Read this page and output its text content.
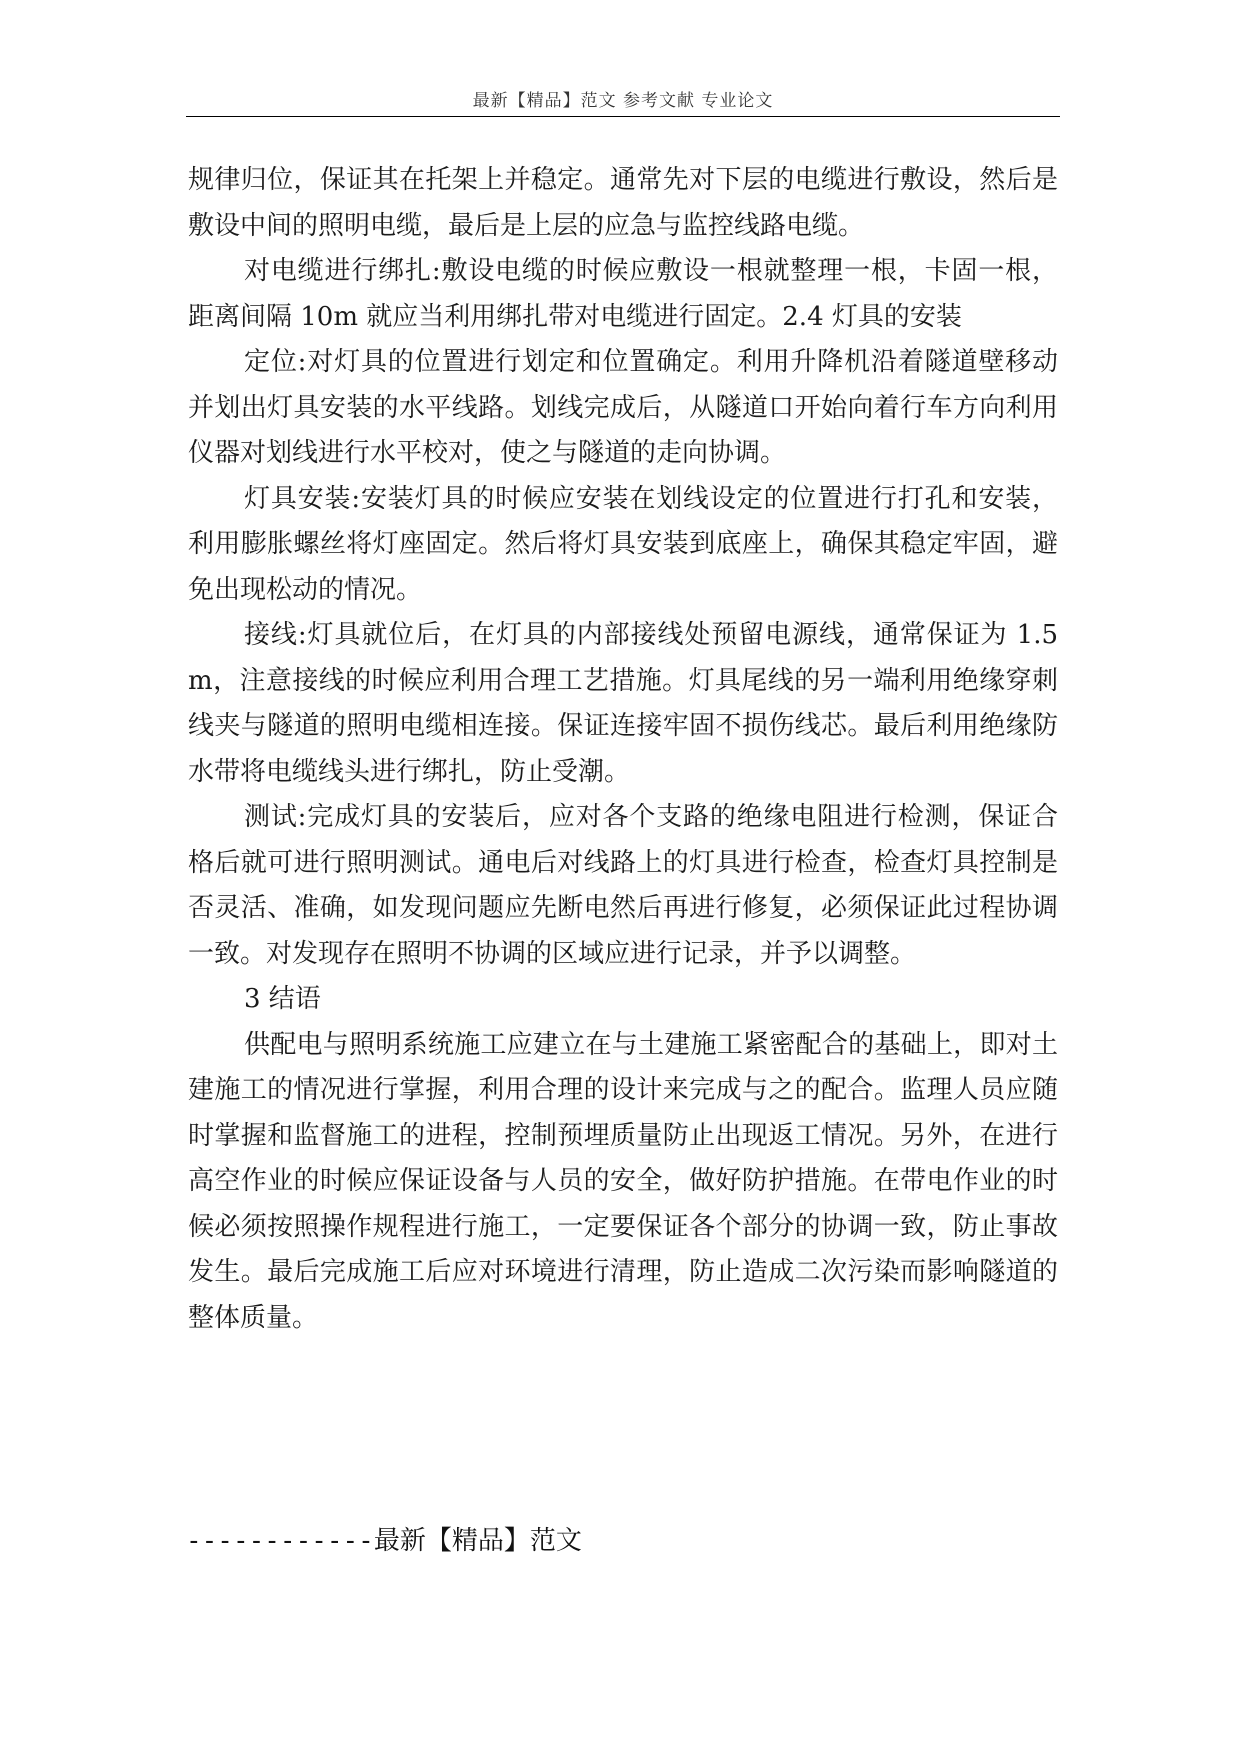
最新【精品】范文 参考文献 专业论文

规律归位，保证其在托架上并稳定。通常先对下层的电缆进行敷设，然后是敷设中间的照明电缆，最后是上层的应急与监控线路电缆。

对电缆进行绑扎:敷设电缆的时候应敷设一根就整理一根，卡固一根，距离间隔 10m 就应当利用绑扎带对电缆进行固定。2.4 灯具的安装

定位:对灯具的位置进行划定和位置确定。利用升降机沿着隧道壁移动并划出灯具安装的水平线路。划线完成后，从隧道口开始向着行车方向利用仪器对划线进行水平校对，使之与隧道的走向协调。

灯具安装:安装灯具的时候应安装在划线设定的位置进行打孔和安装，利用膨胀螺丝将灯座固定。然后将灯具安装到底座上，确保其稳定牢固，避免出现松动的情况。

接线:灯具就位后，在灯具的内部接线处预留电源线，通常保证为 1.5 m，注意接线的时候应利用合理工艺措施。灯具尾线的另一端利用绝缘穿刺线夹与隧道的照明电缆相连接。保证连接牢固不损伤线芯。最后利用绝缘防水带将电缆线头进行绑扎，防止受潮。

测试:完成灯具的安装后，应对各个支路的绝缘电阻进行检测，保证合格后就可进行照明测试。通电后对线路上的灯具进行检查，检查灯具控制是否灵活、准确，如发现问题应先断电然后再进行修复，必须保证此过程协调一致。对发现存在照明不协调的区域应进行记录，并予以调整。

3 结语

供配电与照明系统施工应建立在与土建施工紧密配合的基础上，即对土建施工的情况进行掌握，利用合理的设计来完成与之的配合。监理人员应随时掌握和监督施工的进程，控制预埋质量防止出现返工情况。另外，在进行高空作业的时候应保证设备与人员的安全，做好防护措施。在带电作业的时候必须按照操作规程进行施工，一定要保证各个部分的协调一致，防止事故发生。最后完成施工后应对环境进行清理，防止造成二次污染而影响隧道的整体质量。

------------最新【精品】范文
